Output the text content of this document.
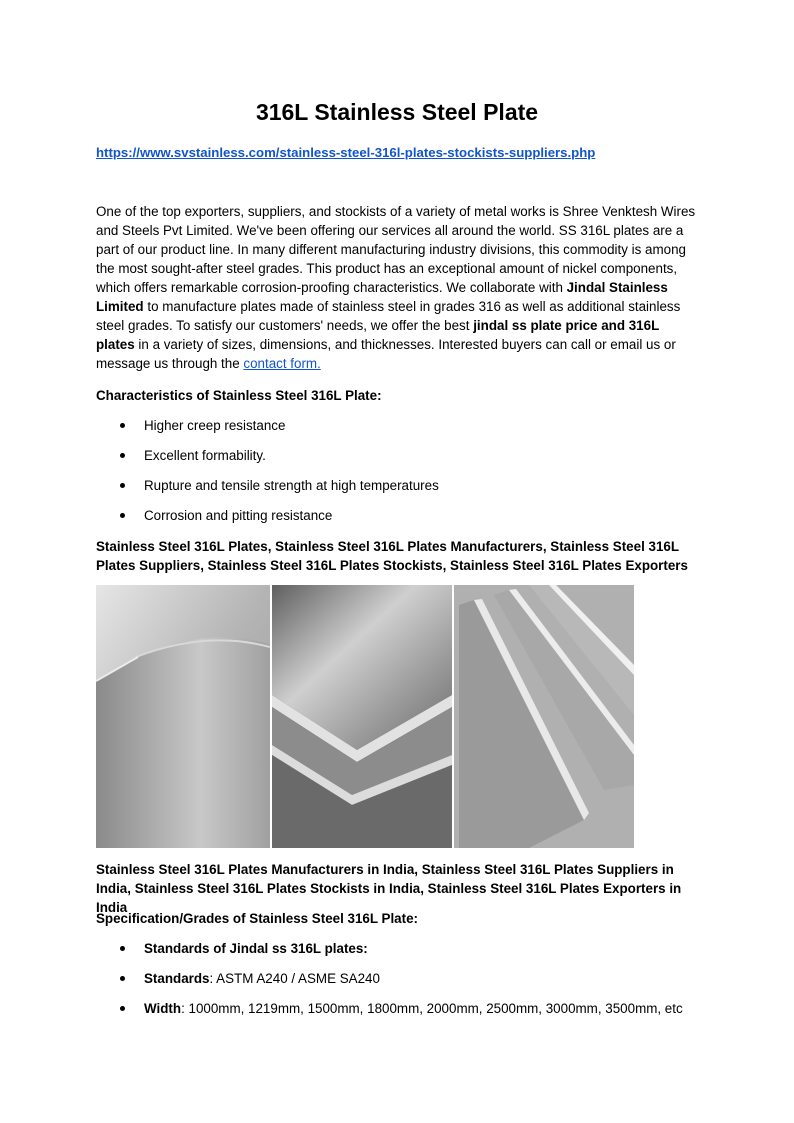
316L Stainless Steel Plate
https://www.svstainless.com/stainless-steel-316l-plates-stockists-suppliers.php

One of the top exporters, suppliers, and stockists of a variety of metal works is Shree Venktesh Wires and Steels Pvt Limited. We've been offering our services all around the world. SS 316L plates are a part of our product line. In many different manufacturing industry divisions, this commodity is among the most sought-after steel grades. This product has an exceptional amount of nickel components, which offers remarkable corrosion-proofing characteristics. We collaborate with Jindal Stainless Limited to manufacture plates made of stainless steel in grades 316 as well as additional stainless steel grades. To satisfy our customers' needs, we offer the best jindal ss plate price and 316L plates in a variety of sizes, dimensions, and thicknesses. Interested buyers can call or email us or message us through the contact form.

Characteristics of Stainless Steel 316L Plate:

Higher creep resistance
Excellent formability.
Rupture and tensile strength at high temperatures
Corrosion and pitting resistance

Stainless Steel 316L Plates, Stainless Steel 316L Plates Manufacturers, Stainless Steel 316L Plates Suppliers, Stainless Steel 316L Plates Stockists, Stainless Steel 316L Plates Exporters

Stainless Steel 316L Plates Manufacturers in India, Stainless Steel 316L Plates Suppliers in India, Stainless Steel 316L Plates Stockists in India, Stainless Steel 316L Plates Exporters in India

Specification/Grades of Stainless Steel 316L Plate:

Standards of Jindal ss 316L plates:
Standards: ASTM A240 / ASME SA240
Width: 1000mm, 1219mm, 1500mm, 1800mm, 2000mm, 2500mm, 3000mm, 3500mm, etc
